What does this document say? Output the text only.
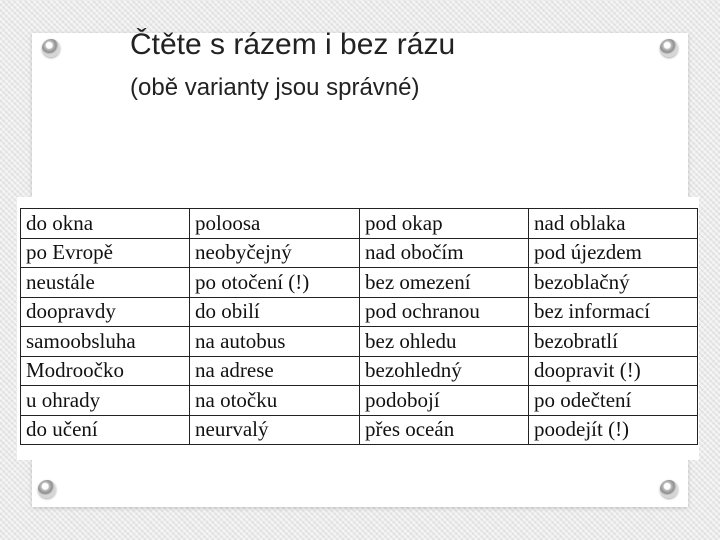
Čtěte s rázem i bez rázu
(obě varianty jsou správné)
do okna	poloosa	pod okap	nad oblaka
po Evropě	neobyčejný	nad obočím	pod újezdem
neustále	po otočení (!)	bez omezení	bezoblačný
doopravdy	do obilí	pod ochranou	bez informací
samoobsluha	na autobus	bez ohledu	bezobratlí
Modroočko	na adrese	bezohledný	doopravit (!)
u ohrady	na otočku	podobojí	po odečtení
do učení	neurvalý	přes oceán	poodejít (!)
